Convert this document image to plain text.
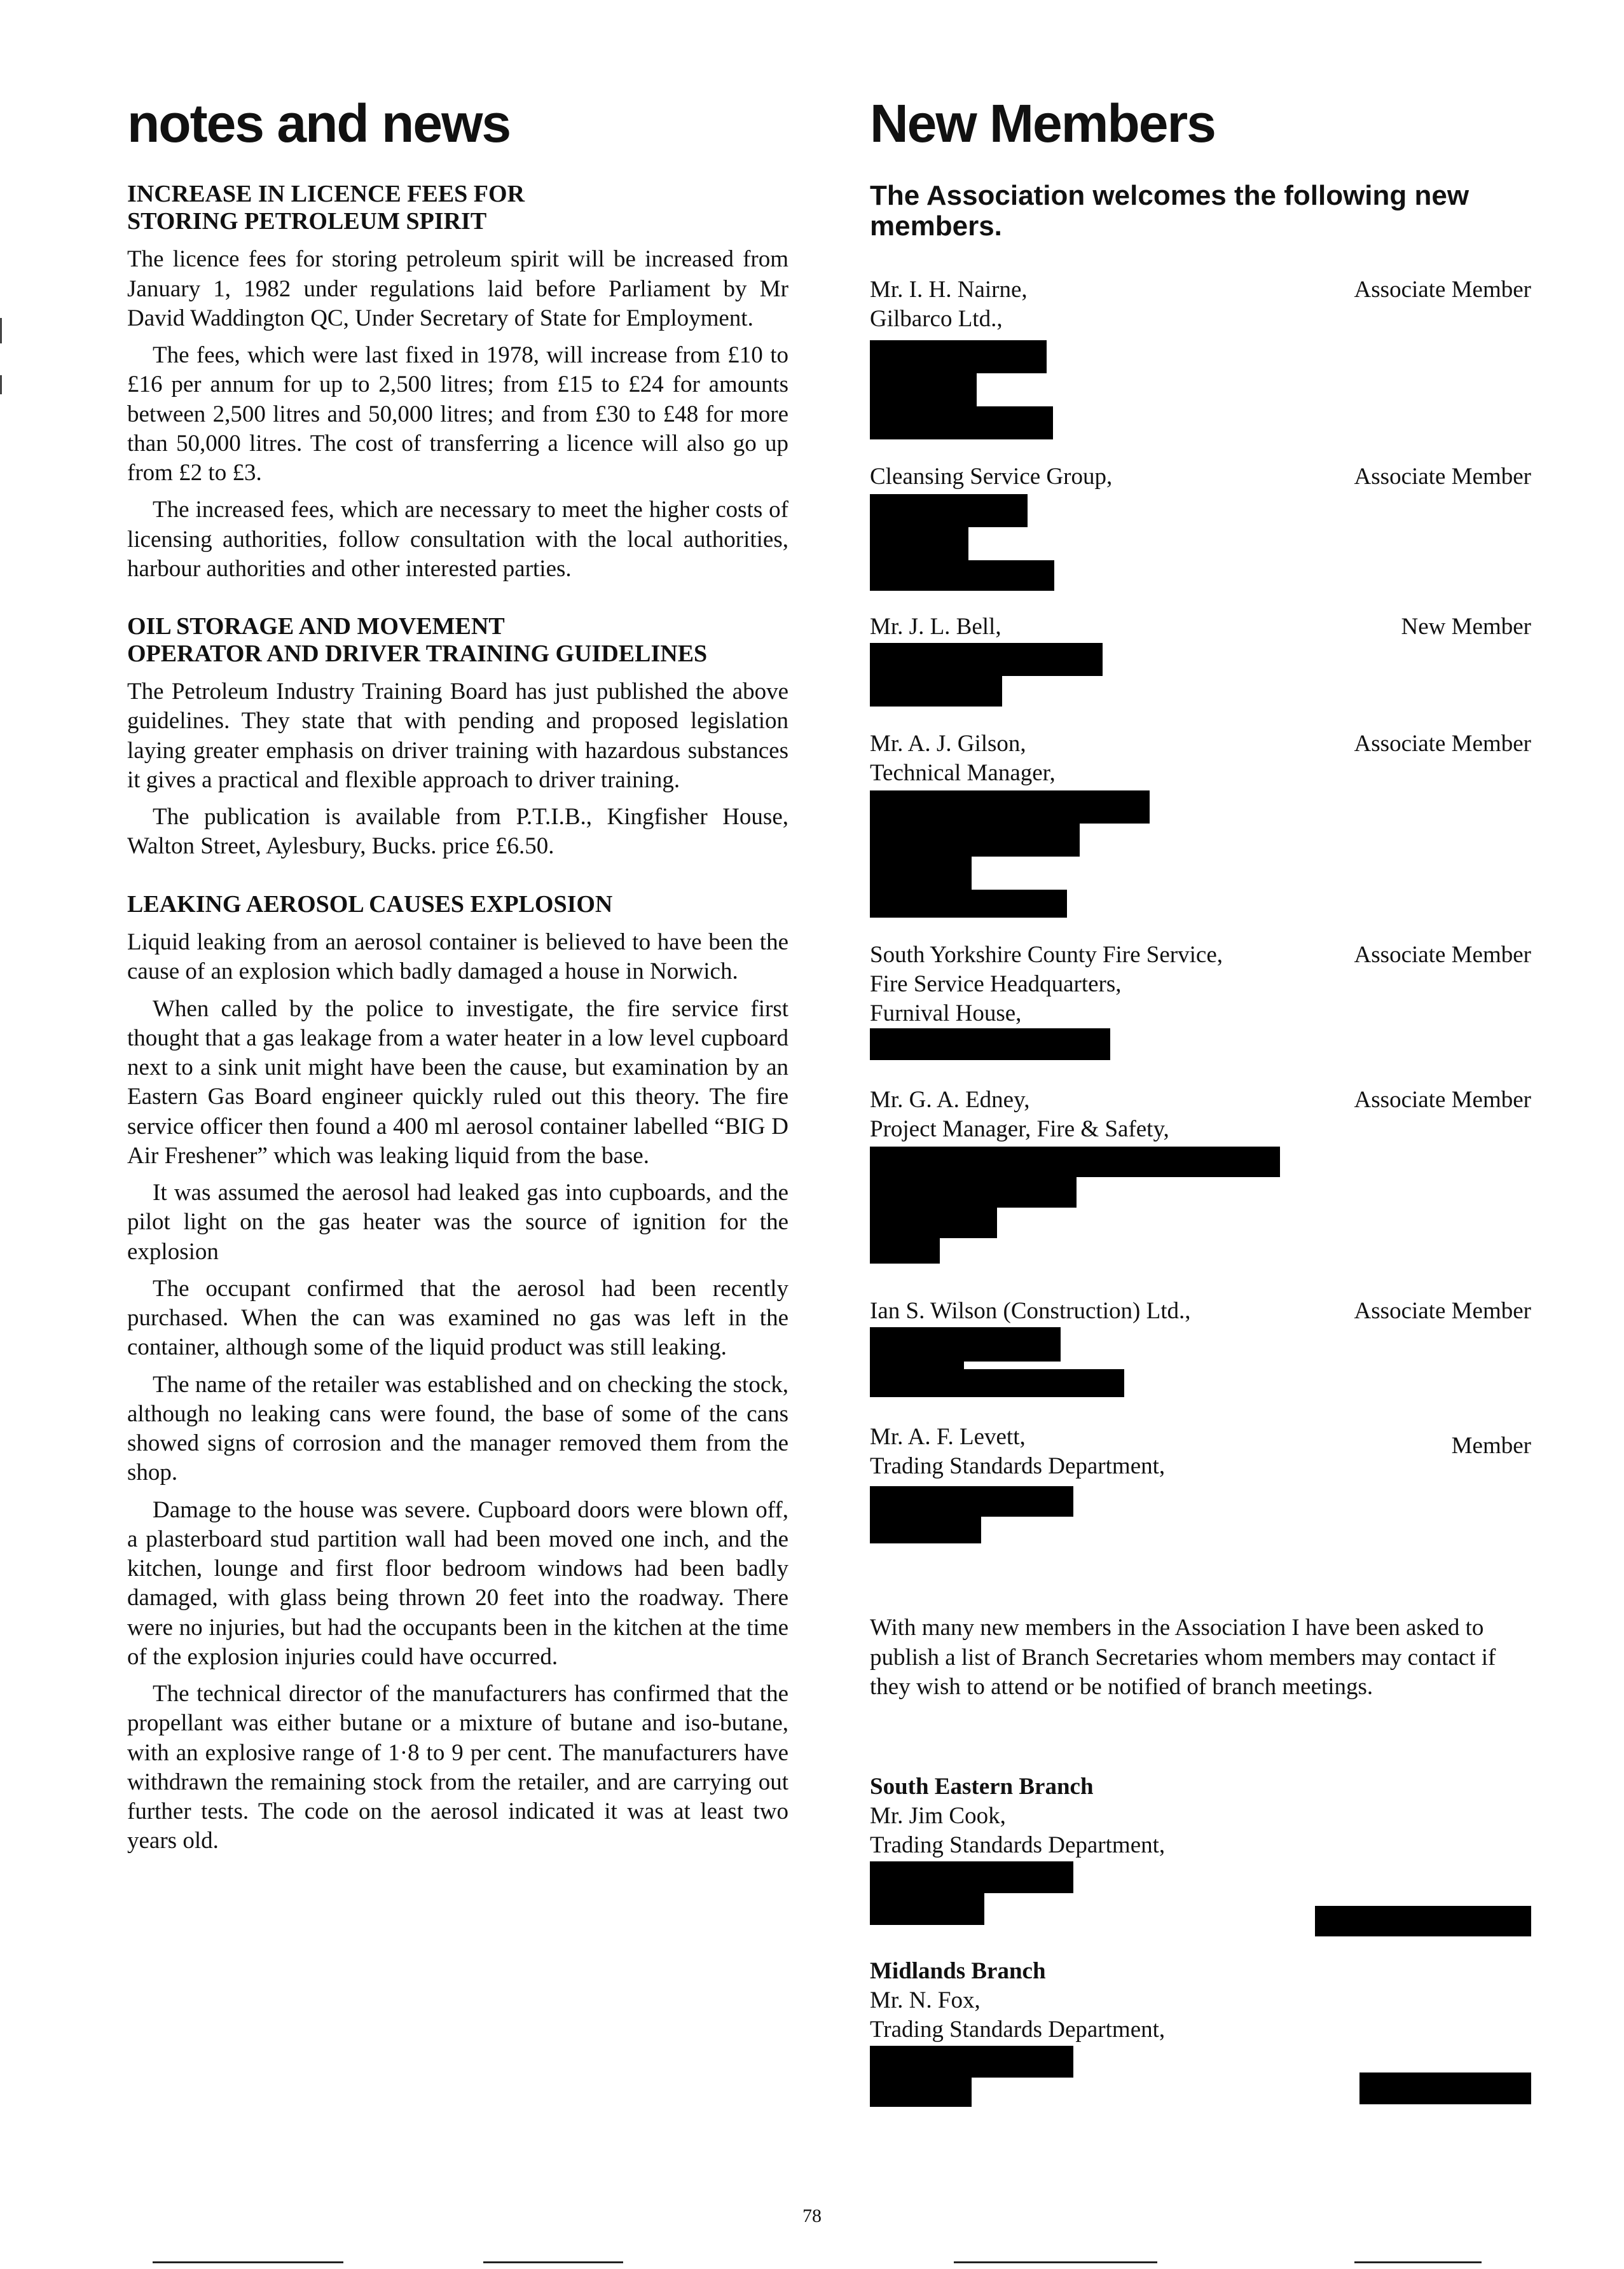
notes and news
INCREASE IN LICENCE FEES FOR
STORING PETROLEUM SPIRIT

The licence fees for storing petroleum spirit will be increased from January 1, 1982 under regulations laid before Parliament by Mr David Waddington QC, Under Secretary of State for Employment.

The fees, which were last fixed in 1978, will increase from £10 to £16 per annum for up to 2,500 litres; from £15 to £24 for amounts between 2,500 litres and 50,000 litres; and from £30 to £48 for more than 50,000 litres. The cost of transferring a licence will also go up from £2 to £3.

The increased fees, which are necessary to meet the higher costs of licensing authorities, follow consultation with the local authorities, harbour authorities and other interested parties.

OIL STORAGE AND MOVEMENT
OPERATOR AND DRIVER TRAINING GUIDELINES

The Petroleum Industry Training Board has just published the above guidelines. They state that with pending and proposed legislation laying greater emphasis on driver training with hazardous substances it gives a practical and flexible approach to driver training.

The publication is available from P.T.I.B., Kingfisher House, Walton Street, Aylesbury, Bucks. price £6.50.

LEAKING AEROSOL CAUSES EXPLOSION

Liquid leaking from an aerosol container is believed to have been the cause of an explosion which badly damaged a house in Norwich.

When called by the police to investigate, the fire service first thought that a gas leakage from a water heater in a low level cupboard next to a sink unit might have been the cause, but examination by an Eastern Gas Board engineer quickly ruled out this theory. The fire service officer then found a 400 ml aerosol container labelled “BIG D Air Freshener” which was leaking liquid from the base.

It was assumed the aerosol had leaked gas into cupboards, and the pilot light on the gas heater was the source of ignition for the explosion

The occupant confirmed that the aerosol had been recently purchased. When the can was examined no gas was left in the container, although some of the liquid product was still leaking.

The name of the retailer was established and on checking the stock, although no leaking cans were found, the base of some of the cans showed signs of corrosion and the manager removed them from the shop.

Damage to the house was severe. Cupboard doors were blown off, a plasterboard stud partition wall had been moved one inch, and the kitchen, lounge and first floor bedroom windows had been badly damaged, with glass being thrown 20 feet into the roadway. There were no injuries, but had the occupants been in the kitchen at the time of the explosion injuries could have occurred.

The technical director of the manufacturers has confirmed that the propellant was either butane or a mixture of butane and iso-butane, with an explosive range of 1·8 to 9 per cent. The manufacturers have withdrawn the remaining stock from the retailer, and are carrying out further tests. The code on the aerosol indicated it was at least two years old.

New Members
The Association welcomes the following new members.
Mr. I. H. Nairne,
Gilbarco Ltd.,
Associate Member
Cleansing Service Group,	Associate Member
Mr. J. L. Bell,	New Member
Mr. A. J. Gilson,
Technical Manager,
Associate Member
South Yorkshire County Fire Service,
Fire Service Headquarters,
Furnival House,
Associate Member
Mr. G. A. Edney,
Project Manager, Fire & Safety,
Associate Member
Ian S. Wilson (Construction) Ltd.,	Associate Member
Mr. A. F. Levett,
Trading Standards Department,
Member

With many new members in the Association I have been asked to publish a list of Branch Secretaries whom members may contact if they wish to attend or be notified of branch meetings.

South Eastern Branch
Mr. Jim Cook,
Trading Standards Department,
Midlands Branch
Mr. N. Fox,
Trading Standards Department,
78
